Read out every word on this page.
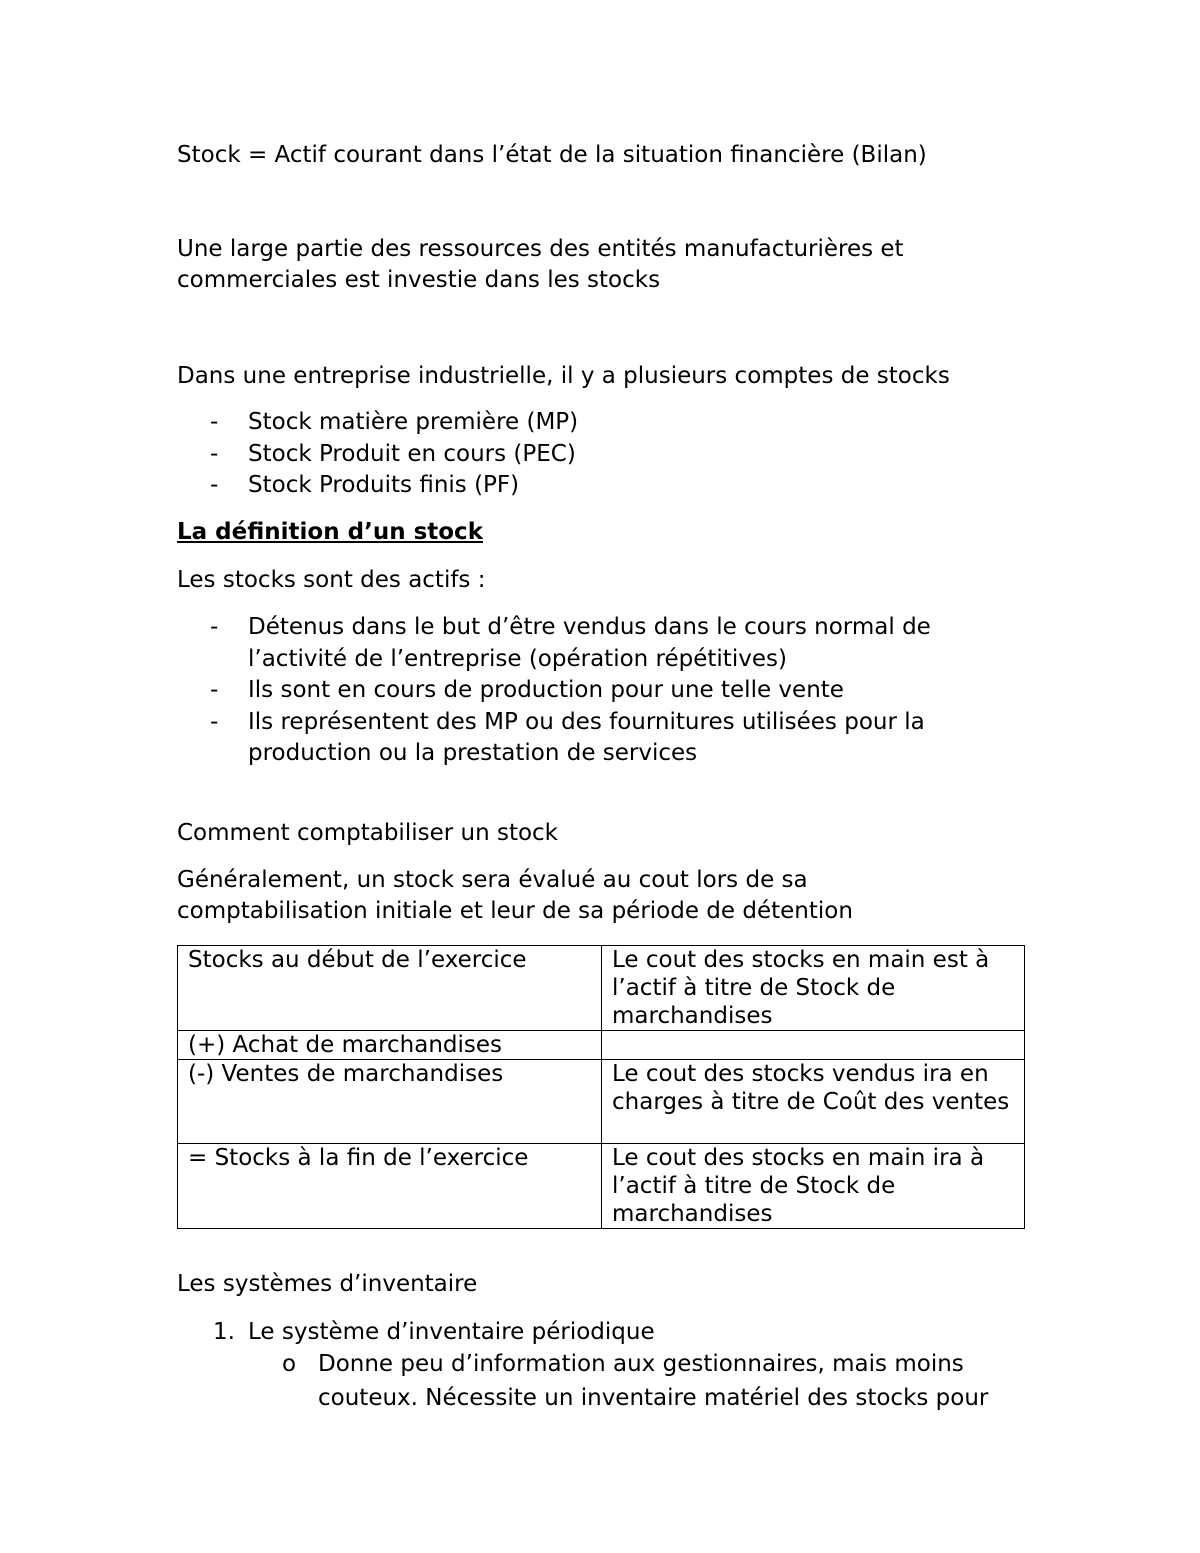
Stock = Actif courant dans l’état de la situation financière (Bilan)
Une large partie des ressources des entités manufacturières et
commerciales est investie dans les stocks
Dans une entreprise industrielle, il y a plusieurs comptes de stocks
- Stock matière première (MP)
- Stock Produit en cours (PEC)
- Stock Produits finis (PF)
La définition d’un stock
Les stocks sont des actifs :
- Détenus dans le but d’être vendus dans le cours normal de
l’activité de l’entreprise (opération répétitives)
- Ils sont en cours de production pour une telle vente
- Ils représentent des MP ou des fournitures utilisées pour la
production ou la prestation de services
Comment comptabiliser un stock
Généralement, un stock sera évalué au cout lors de sa
comptabilisation initiale et leur de sa période de détention
Stocks au début de l’exercice	Le cout des stocks en main est à l’actif à titre de Stock de marchandises
(+) Achat de marchandises	
(-) Ventes de marchandises	Le cout des stocks vendus ira en charges à titre de Coût des ventes
= Stocks à la fin de l’exercice	Le cout des stocks en main ira à l’actif à titre de Stock de marchandises
Les systèmes d’inventaire
1. Le système d’inventaire périodique
o Donne peu d’information aux gestionnaires, mais moins
couteux. Nécessite un inventaire matériel des stocks pour
